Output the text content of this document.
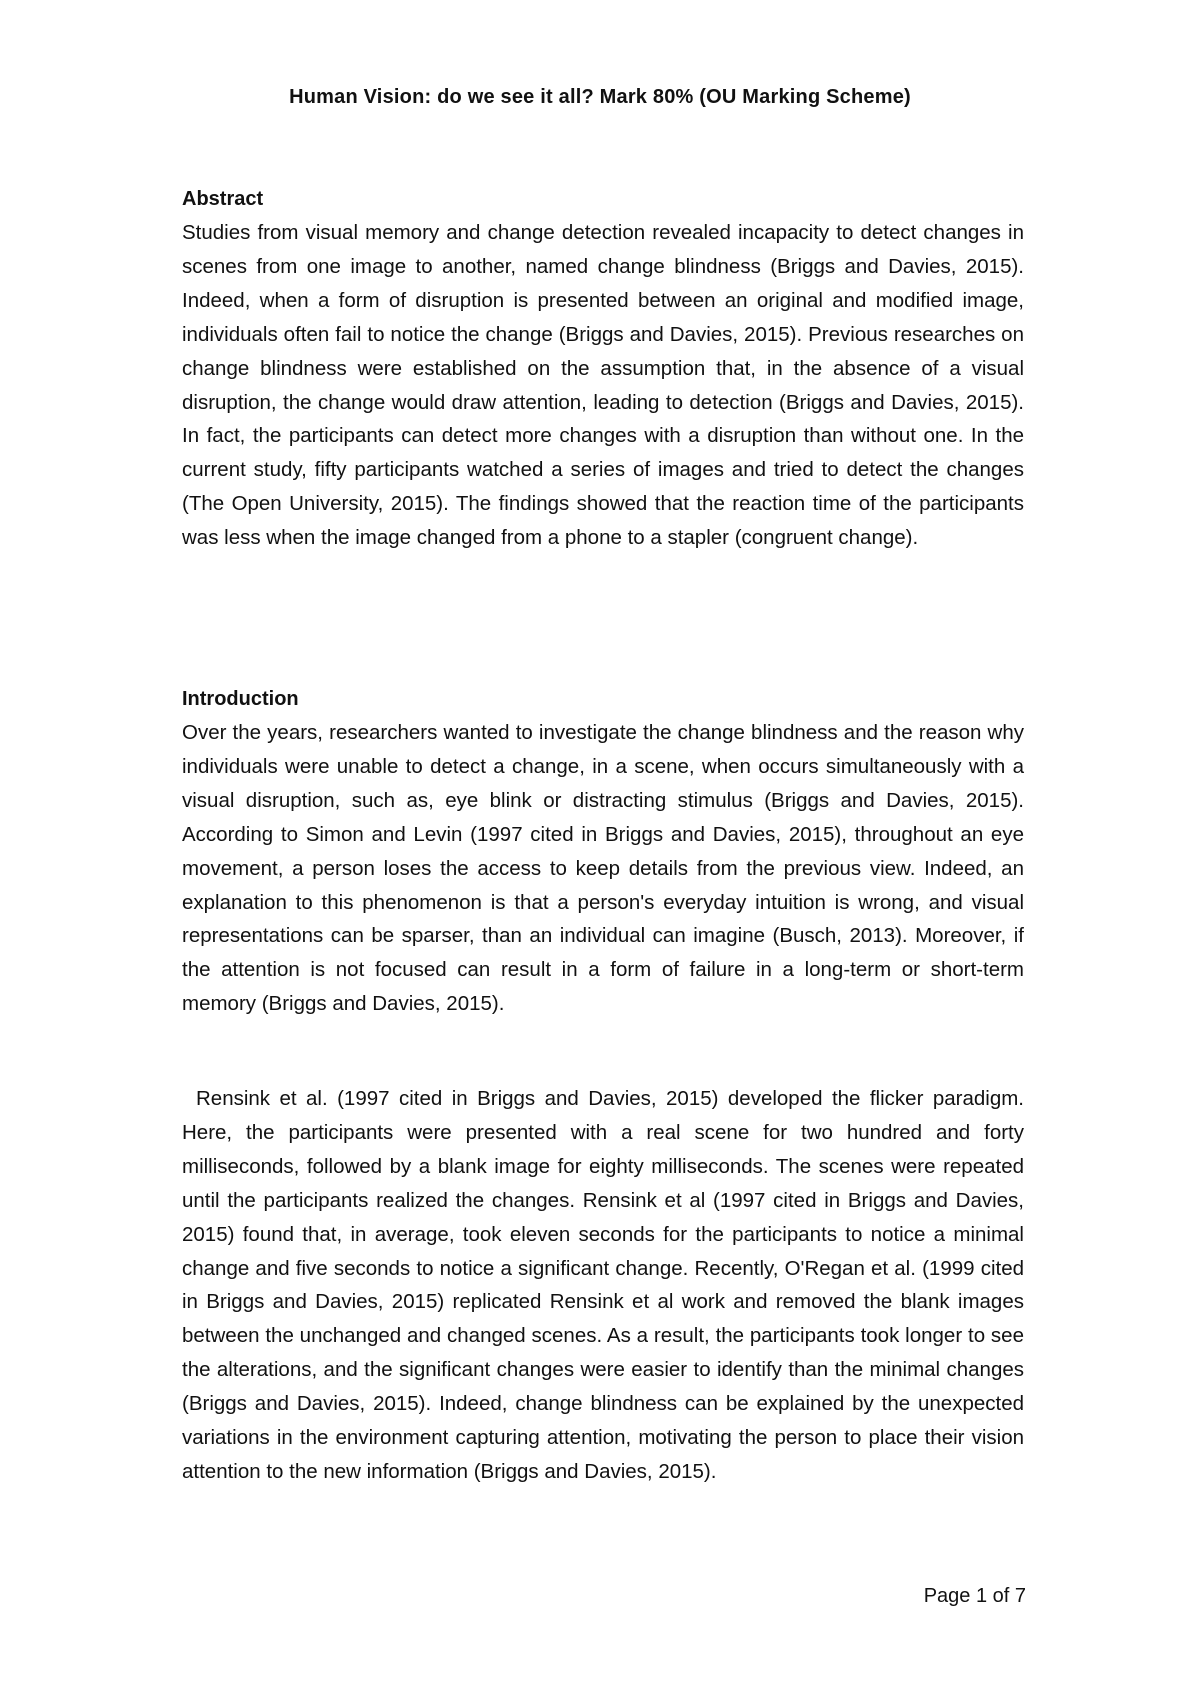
Human Vision: do we see it all? Mark 80% (OU Marking Scheme)
Abstract

Studies from visual memory and change detection revealed incapacity to detect changes in scenes from one image to another, named change blindness (Briggs and Davies, 2015). Indeed, when a form of disruption is presented between an original and modified image, individuals often fail to notice the change (Briggs and Davies, 2015). Previous researches on change blindness were established on the assumption that, in the absence of a visual disruption, the change would draw attention, leading to detection (Briggs and Davies, 2015). In fact, the participants can detect more changes with a disruption than without one. In the current study, fifty participants watched a series of images and tried to detect the changes (The Open University, 2015). The findings showed that the reaction time of the participants was less when the image changed from a phone to a stapler (congruent change).

Introduction

Over the years, researchers wanted to investigate the change blindness and the reason why individuals were unable to detect a change, in a scene, when occurs simultaneously with a visual disruption, such as, eye blink or distracting stimulus (Briggs and Davies, 2015). According to Simon and Levin (1997 cited in Briggs and Davies, 2015), throughout an eye movement, a person loses the access to keep details from the previous view. Indeed, an explanation to this phenomenon is that a person's everyday intuition is wrong, and visual representations can be sparser, than an individual can imagine (Busch, 2013). Moreover, if the attention is not focused can result in a form of failure in a long-term or short-term memory (Briggs and Davies, 2015).

Rensink et al. (1997 cited in Briggs and Davies, 2015) developed the flicker paradigm. Here, the participants were presented with a real scene for two hundred and forty milliseconds, followed by a blank image for eighty milliseconds. The scenes were repeated until the participants realized the changes. Rensink et al (1997 cited in Briggs and Davies, 2015) found that, in average, took eleven seconds for the participants to notice a minimal change and five seconds to notice a significant change. Recently, O'Regan et al. (1999 cited in Briggs and Davies, 2015) replicated Rensink et al work and removed the blank images between the unchanged and changed scenes. As a result, the participants took longer to see the alterations, and the significant changes were easier to identify than the minimal changes (Briggs and Davies, 2015). Indeed, change blindness can be explained by the unexpected variations in the environment capturing attention, motivating the person to place their vision attention to the new information (Briggs and Davies, 2015).

Page 1 of 7
